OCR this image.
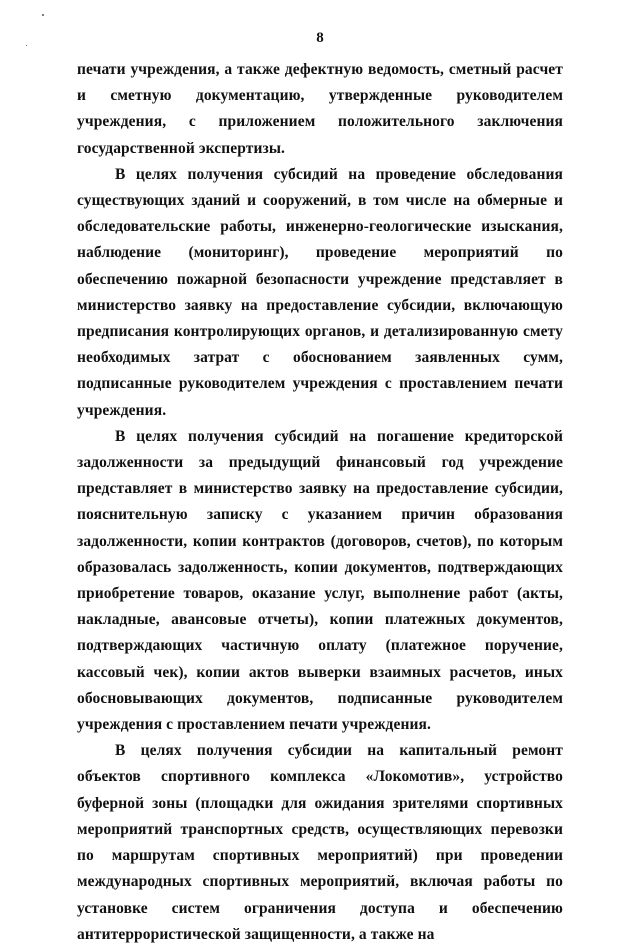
8

печати учреждения, а также дефектную ведомость, сметный расчет и сметную документацию, утвержденные руководителем учреждения, с приложением положительного заключения государственной экспертизы.

В целях получения субсидий на проведение обследования существующих зданий и сооружений, в том числе на обмерные и обследовательские работы, инженерно-геологические изыскания, наблюдение (мониторинг), проведение мероприятий по обеспечению пожарной безопасности учреждение представляет в министерство заявку на предоставление субсидии, включающую предписания контролирующих органов, и детализированную смету необходимых затрат с обоснованием заявленных сумм, подписанные руководителем учреждения с проставлением печати учреждения.

В целях получения субсидий на погашение кредиторской задолженности за предыдущий финансовый год учреждение представляет в министерство заявку на предоставление субсидии, пояснительную записку с указанием причин образования задолженности, копии контрактов (договоров, счетов), по которым образовалась задолженность, копии документов, подтверждающих приобретение товаров, оказание услуг, выполнение работ (акты, накладные, авансовые отчеты), копии платежных документов, подтверждающих частичную оплату (платежное поручение, кассовый чек), копии актов выверки взаимных расчетов, иных обосновывающих документов, подписанные руководителем учреждения с проставлением печати учреждения.

В целях получения субсидии на капитальный ремонт объектов спортивного комплекса «Локомотив», устройство буферной зоны (площадки для ожидания зрителями спортивных мероприятий транспортных средств, осуществляющих перевозки по маршрутам спортивных мероприятий) при проведении международных спортивных мероприятий, включая работы по установке систем ограничения доступа и обеспечению антитеррористической защищенности, а также на
